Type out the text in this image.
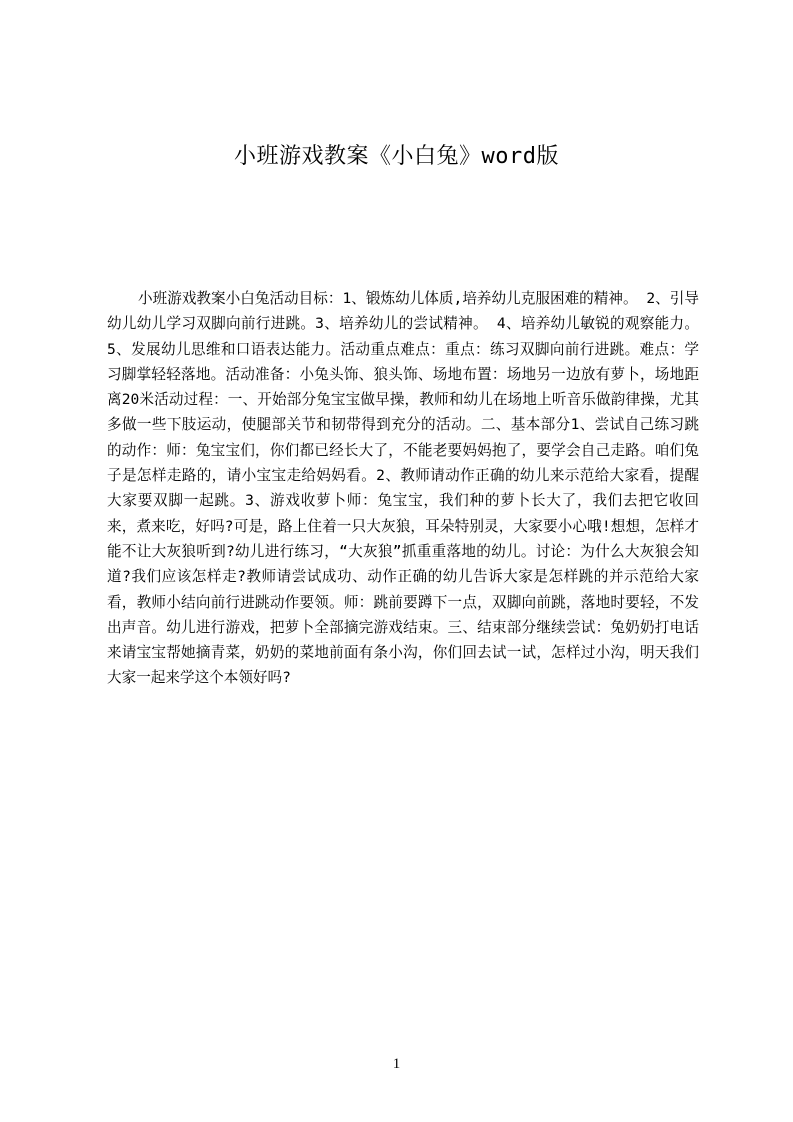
小班游戏教案《小白兔》word版

小班游戏教案小白兔活动目标：1、锻炼幼儿体质,培养幼儿克服困难的精神。 2、引导幼儿幼儿学习双脚向前行进跳。3、培养幼儿的尝试精神。 4、培养幼儿敏锐的观察能力。5、发展幼儿思维和口语表达能力。活动重点难点：重点：练习双脚向前行进跳。难点：学习脚掌轻轻落地。活动准备：小兔头饰、狼头饰、场地布置：场地另一边放有萝卜，场地距离20米活动过程：一、开始部分兔宝宝做早操，教师和幼儿在场地上听音乐做韵律操，尤其多做一些下肢运动，使腿部关节和韧带得到充分的活动。二、基本部分1、尝试自己练习跳的动作：师：兔宝宝们，你们都已经长大了，不能老要妈妈抱了，要学会自己走路。咱们兔子是怎样走路的，请小宝宝走给妈妈看。2、教师请动作正确的幼儿来示范给大家看，提醒大家要双脚一起跳。3、游戏收萝卜师：兔宝宝，我们种的萝卜长大了，我们去把它收回来，煮来吃，好吗?可是，路上住着一只大灰狼，耳朵特别灵，大家要小心哦!想想，怎样才能不让大灰狼听到?幼儿进行练习，“大灰狼”抓重重落地的幼儿。讨论：为什么大灰狼会知道?我们应该怎样走?教师请尝试成功、动作正确的幼儿告诉大家是怎样跳的并示范给大家看，教师小结向前行进跳动作要领。师：跳前要蹲下一点，双脚向前跳，落地时要轻，不发出声音。幼儿进行游戏，把萝卜全部摘完游戏结束。三、结束部分继续尝试：兔奶奶打电话来请宝宝帮她摘青菜，奶奶的菜地前面有条小沟，你们回去试一试，怎样过小沟，明天我们大家一起来学这个本领好吗?

1
